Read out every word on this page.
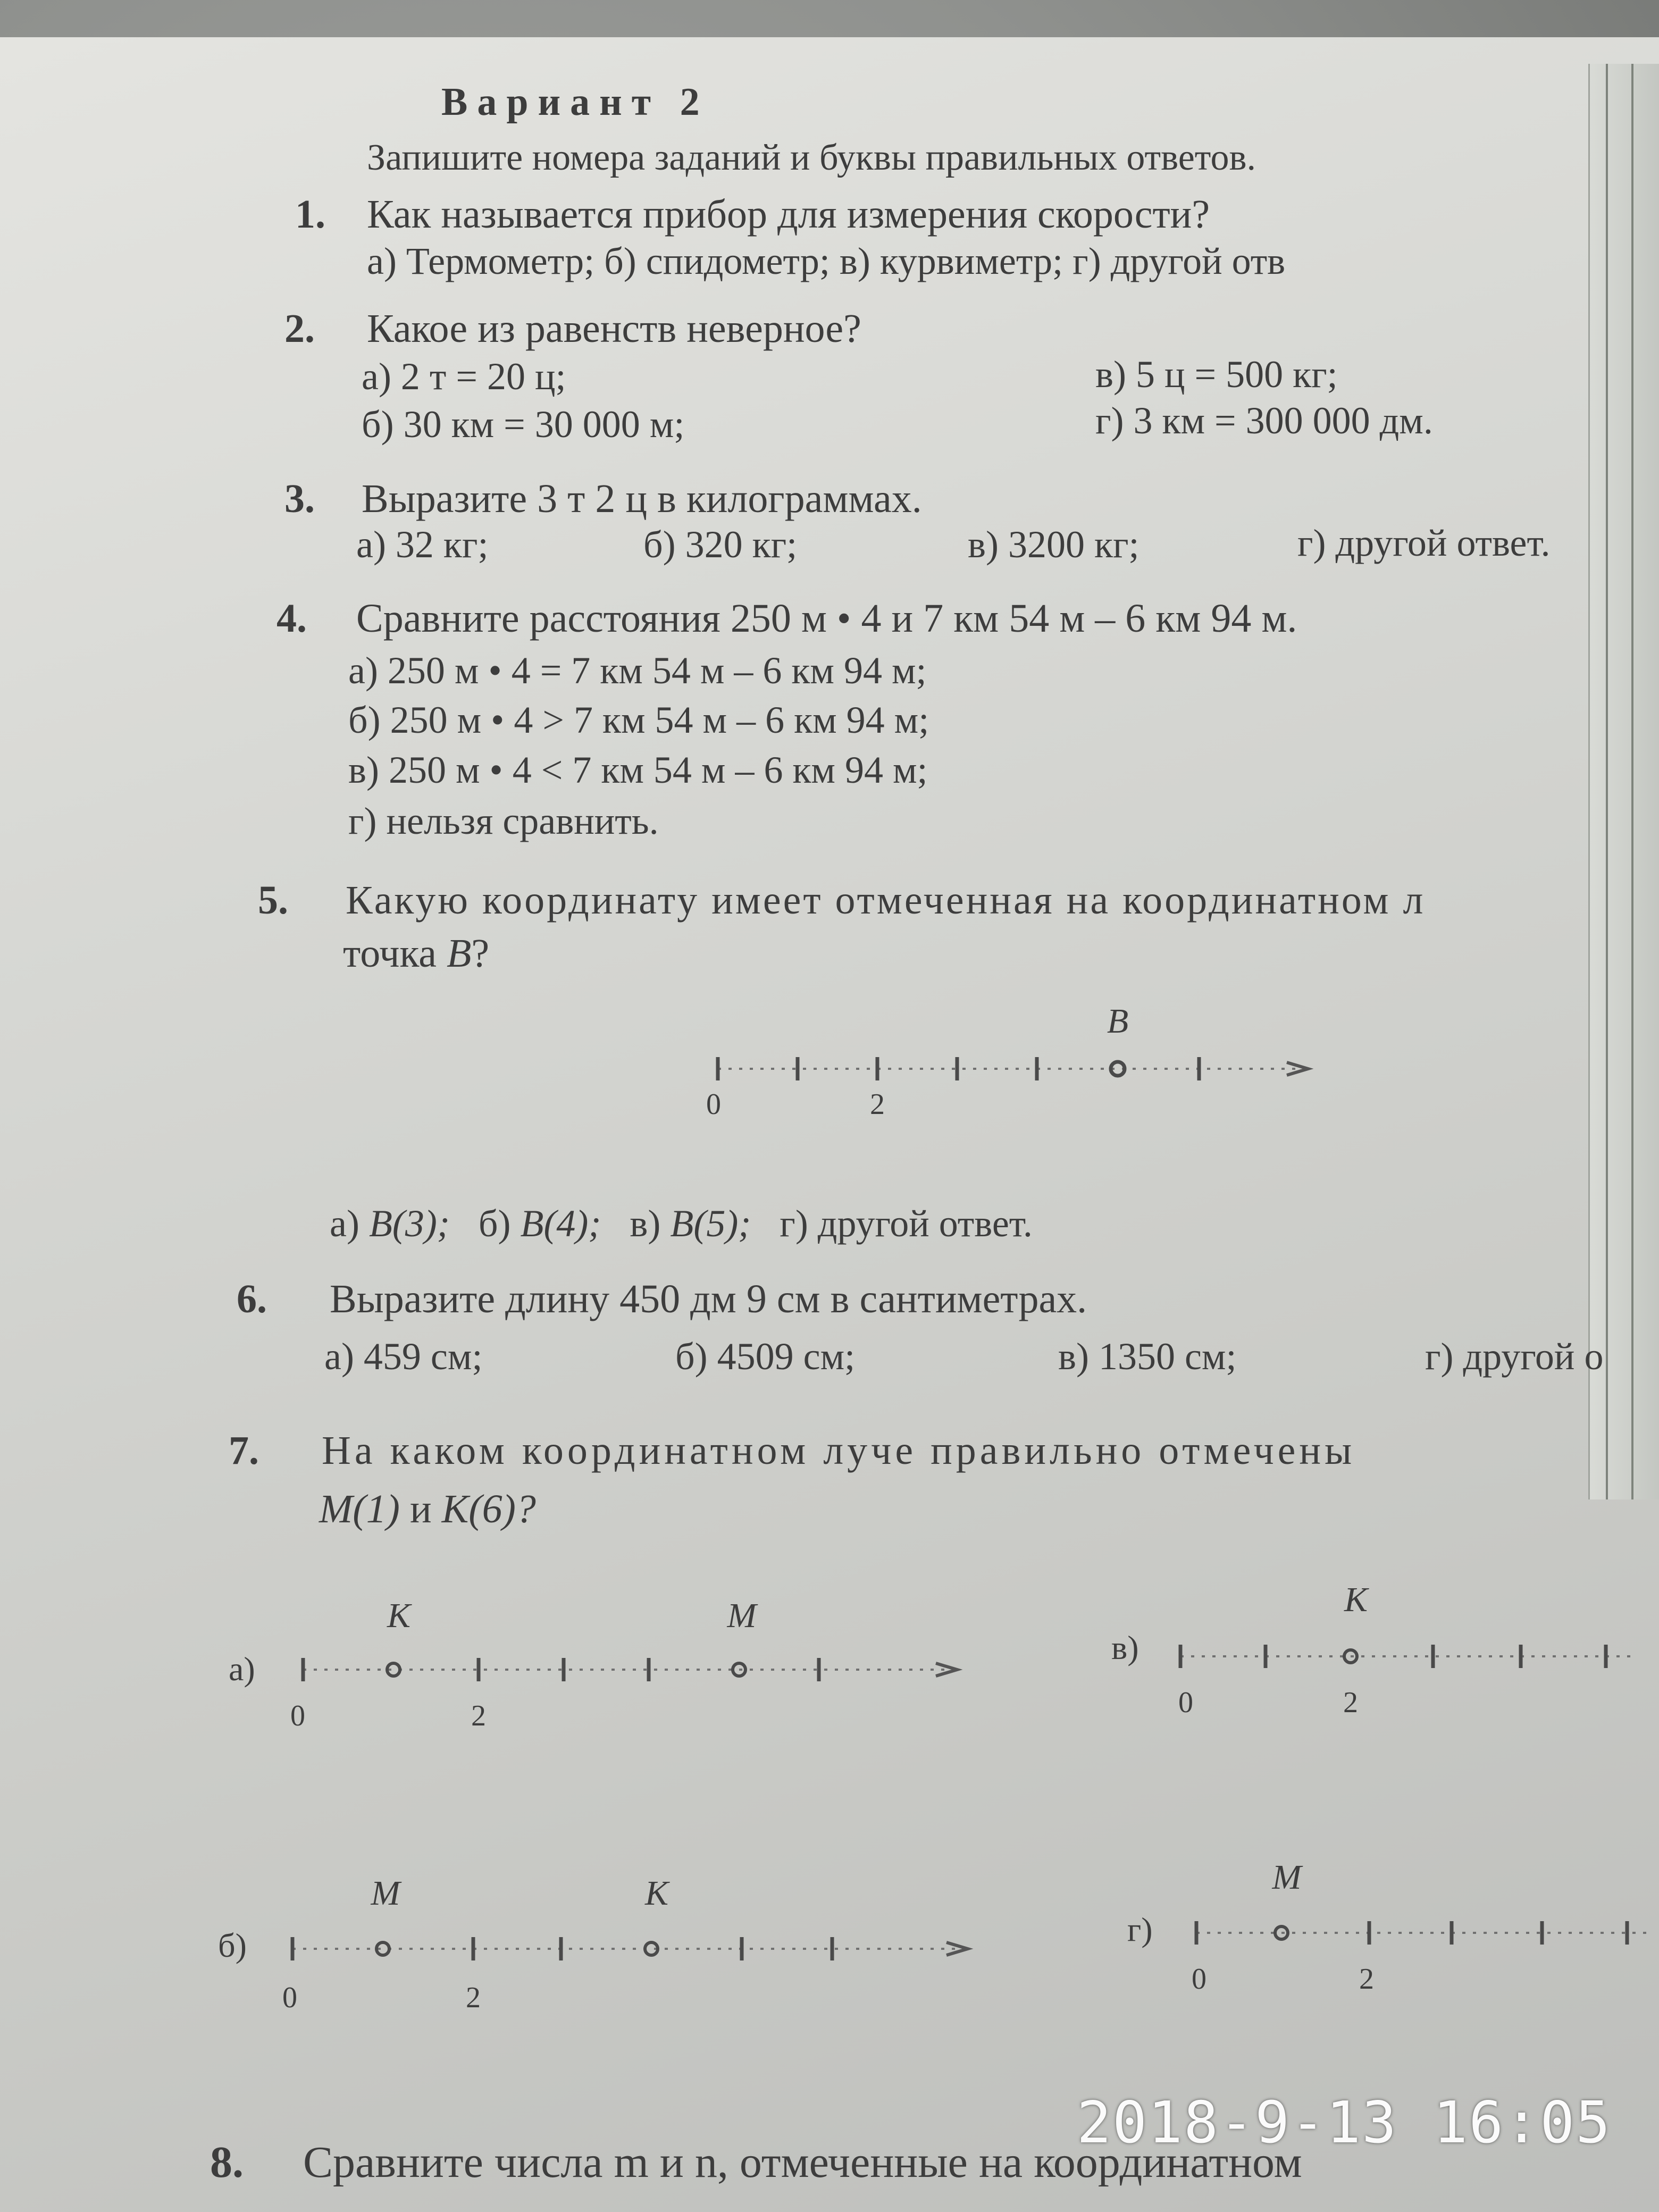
Вариант 2
Запишите номера заданий и буквы правильных ответов.
1. Как называется прибор для измерения скорости?
а) Термометр; б) спидометр; в) курвиметр; г) другой отв
2. Какое из равенств неверное?
а) 2 т = 20 ц;
б) 30 км = 30 000 м;
в) 5 ц = 500 кг;
г) 3 км = 300 000 дм.
3. Выразите 3 т 2 ц в килограммах.
а) 32 кг;	б) 320 кг;	в) 3200 кг;	г) другой ответ.
4. Сравните расстояния 250 м • 4 и 7 км 54 м – 6 км 94 м.
а) 250 м • 4 = 7 км 54 м – 6 км 94 м;
б) 250 м • 4 > 7 км 54 м – 6 км 94 м;
в) 250 м • 4 < 7 км 54 м – 6 км 94 м;
г) нельзя сравнить.
5. Какую координату имеет отмеченная на координатном л
точка B?
B
0	2
а) B(3); б) B(4); в) B(5); г) другой ответ.
6. Выразите длину 450 дм 9 см в сантиметрах.
а) 459 см;	б) 4509 см;	в) 1350 см;	г) другой о
7. На каком координатном луче правильно отмечены
M(1) и K(6)?
а)
K	M
0	2
в)
K
0	2
б)
M	K
0	2
г)
M
0	2
8. Сравните числа m и n, отмеченные на координатном
2018-9-13 16:05
